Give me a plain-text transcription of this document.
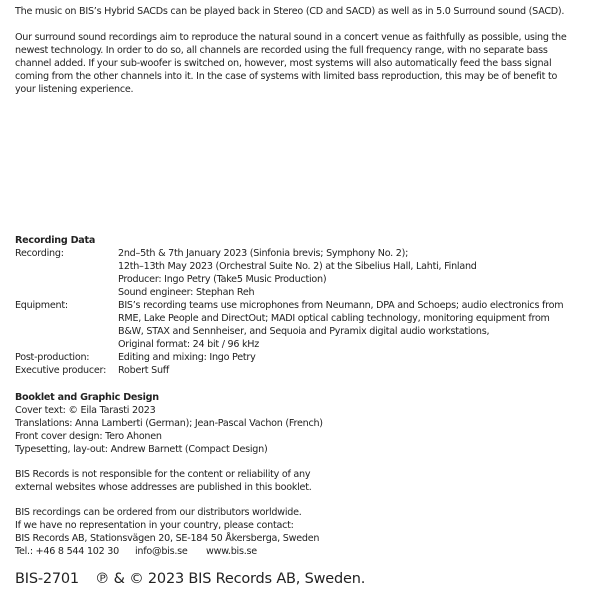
The music on BIS’s Hybrid SACDs can be played back in Stereo (CD and SACD) as well as in 5.0 Surround sound (SACD).
Our surround sound recordings aim to reproduce the natural sound in a concert venue as faithfully as possible, using the
newest technology. In order to do so, all channels are recorded using the full frequency range, with no separate bass
channel added. If your sub-woofer is switched on, however, most systems will also automatically feed the bass signal
coming from the other channels into it. In the case of systems with limited bass reproduction, this may be of benefit to
your listening experience.
Recording Data
Recording:	2nd–5th & 7th January 2023 (Sinfonia brevis; Symphony No. 2);
12th–13th May 2023 (Orchestral Suite No. 2) at the Sibelius Hall, Lahti, Finland
Producer: Ingo Petry (Take5 Music Production)
Sound engineer: Stephan Reh
Equipment:	BIS’s recording teams use microphones from Neumann, DPA and Schoeps; audio electronics from
RME, Lake People and DirectOut; MADI optical cabling technology, monitoring equipment from
B&W, STAX and Sennheiser, and Sequoia and Pyramix digital audio workstations,
Original format: 24 bit / 96 kHz
Post-production:	Editing and mixing: Ingo Petry
Executive producer:	Robert Suff
Booklet and Graphic Design
Cover text: © Eila Tarasti 2023
Translations: Anna Lamberti (German); Jean-Pascal Vachon (French)
Front cover design: Tero Ahonen
Typesetting, lay-out: Andrew Barnett (Compact Design)
BIS Records is not responsible for the content or reliability of any
external websites whose addresses are published in this booklet.
BIS recordings can be ordered from our distributors worldwide.
If we have no representation in your country, please contact:
BIS Records AB, Stationsvägen 20, SE-184 50 Åkersberga, Sweden
Tel.: +46 8 544 102 30 info@bis.se www.bis.se
BIS-2701 ℗ & © 2023 BIS Records AB, Sweden.
